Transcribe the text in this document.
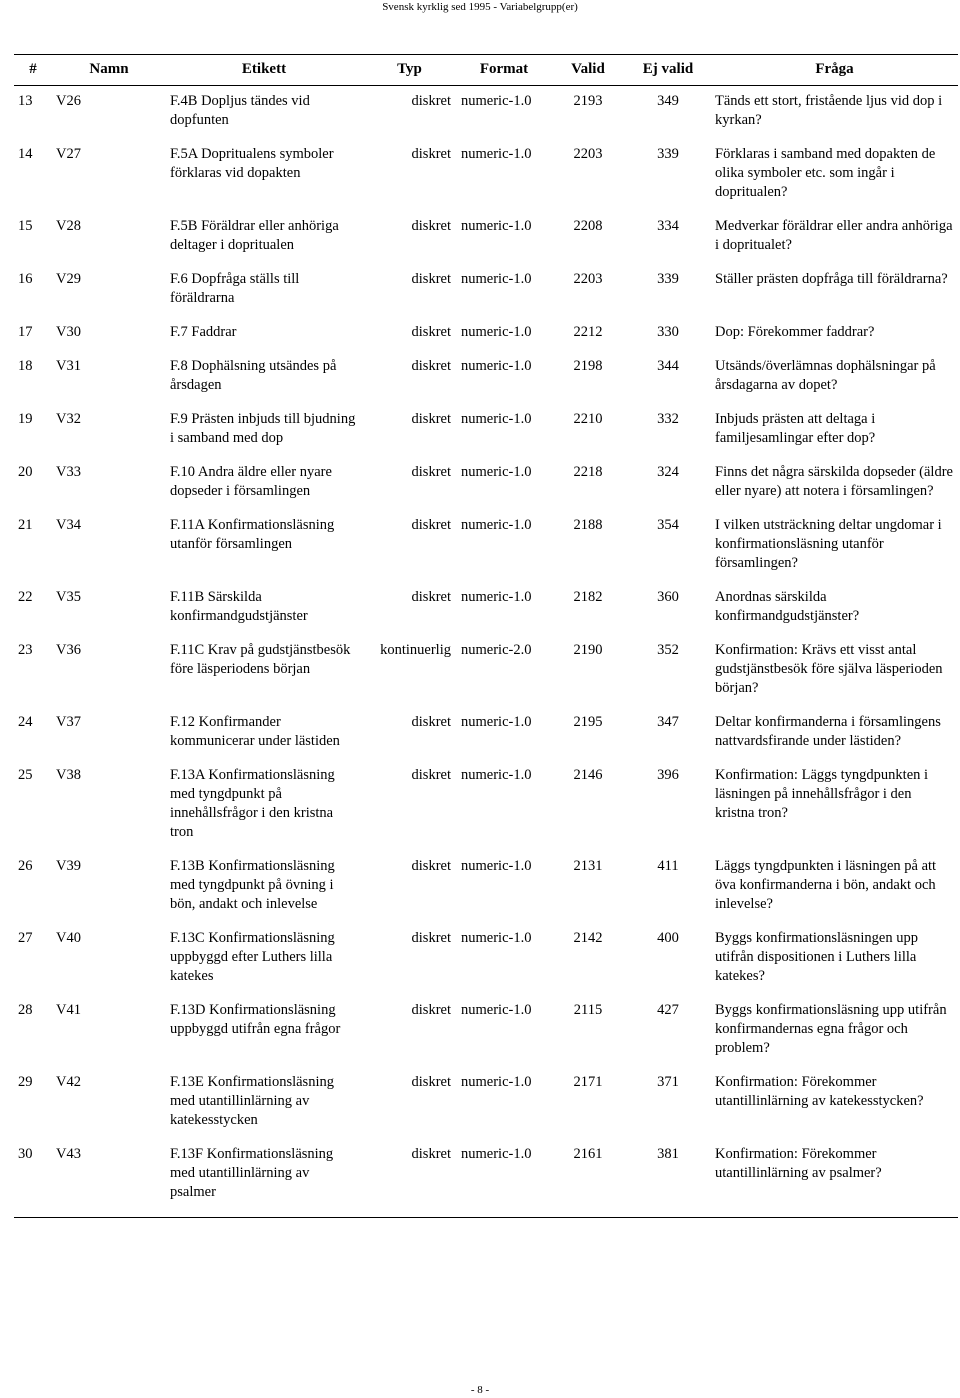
Svensk kyrklig sed 1995 - Variabelgrupp(er)
#	Namn	Etikett	Typ	Format	Valid	Ej valid	Fråga
13	V26	F.4B Dopljus tändes vid dopfunten	diskret	numeric-1.0	2193	349	Tänds ett stort, fristående ljus vid dop i kyrkan?
14	V27	F.5A Dopritualens symboler förklaras vid dopakten	diskret	numeric-1.0	2203	339	Förklaras i samband med dopakten de olika symboler etc. som ingår i dopritualen?
15	V28	F.5B Föräldrar eller anhöriga deltager i dopritualen	diskret	numeric-1.0	2208	334	Medverkar föräldrar eller andra anhöriga i dopritualet?
16	V29	F.6 Dopfråga ställs till föräldrarna	diskret	numeric-1.0	2203	339	Ställer prästen dopfråga till föräldrarna?
17	V30	F.7 Faddrar	diskret	numeric-1.0	2212	330	Dop: Förekommer faddrar?
18	V31	F.8 Dophälsning utsändes på årsdagen	diskret	numeric-1.0	2198	344	Utsänds/överlämnas dophälsningar på årsdagarna av dopet?
19	V32	F.9 Prästen inbjuds till bjudning i samband med dop	diskret	numeric-1.0	2210	332	Inbjuds prästen att deltaga i familjesamlingar efter dop?
20	V33	F.10 Andra äldre eller nyare dopseder i församlingen	diskret	numeric-1.0	2218	324	Finns det några särskilda dopseder (äldre eller nyare) att notera i församlingen?
21	V34	F.11A Konfirmationsläsning utanför församlingen	diskret	numeric-1.0	2188	354	I vilken utsträckning deltar ungdomar i konfirmationsläsning utanför församlingen?
22	V35	F.11B Särskilda konfirmandgudstjänster	diskret	numeric-1.0	2182	360	Anordnas särskilda konfirmandgudstjänster?
23	V36	F.11C Krav på gudstjänstbesök före läsperiodens början	kontinuerlig	numeric-2.0	2190	352	Konfirmation: Krävs ett visst antal gudstjänstbesök före själva läsperioden början?
24	V37	F.12 Konfirmander kommunicerar under lästiden	diskret	numeric-1.0	2195	347	Deltar konfirmanderna i församlingens nattvardsfirande under lästiden?
25	V38	F.13A Konfirmationsläsning med tyngdpunkt på innehållsfrågor i den kristna tron	diskret	numeric-1.0	2146	396	Konfirmation: Läggs tyngdpunkten i läsningen på innehållsfrågor i den kristna tron?
26	V39	F.13B Konfirmationsläsning med tyngdpunkt på övning i bön, andakt och inlevelse	diskret	numeric-1.0	2131	411	Läggs tyngdpunkten i läsningen på att öva konfirmanderna i bön, andakt och inlevelse?
27	V40	F.13C Konfirmationsläsning uppbyggd efter Luthers lilla katekes	diskret	numeric-1.0	2142	400	Byggs konfirmationsläsningen upp utifrån dispositionen i Luthers lilla katekes?
28	V41	F.13D Konfirmationsläsning uppbyggd utifrån egna frågor	diskret	numeric-1.0	2115	427	Byggs konfirmationsläsning upp utifrån konfirmandernas egna frågor och problem?
29	V42	F.13E Konfirmationsläsning med utantillinlärning av katekesstycken	diskret	numeric-1.0	2171	371	Konfirmation: Förekommer utantillinlärning av katekesstycken?
30	V43	F.13F Konfirmationsläsning med utantillinlärning av psalmer	diskret	numeric-1.0	2161	381	Konfirmation: Förekommer utantillinlärning av psalmer?
- 8 -
